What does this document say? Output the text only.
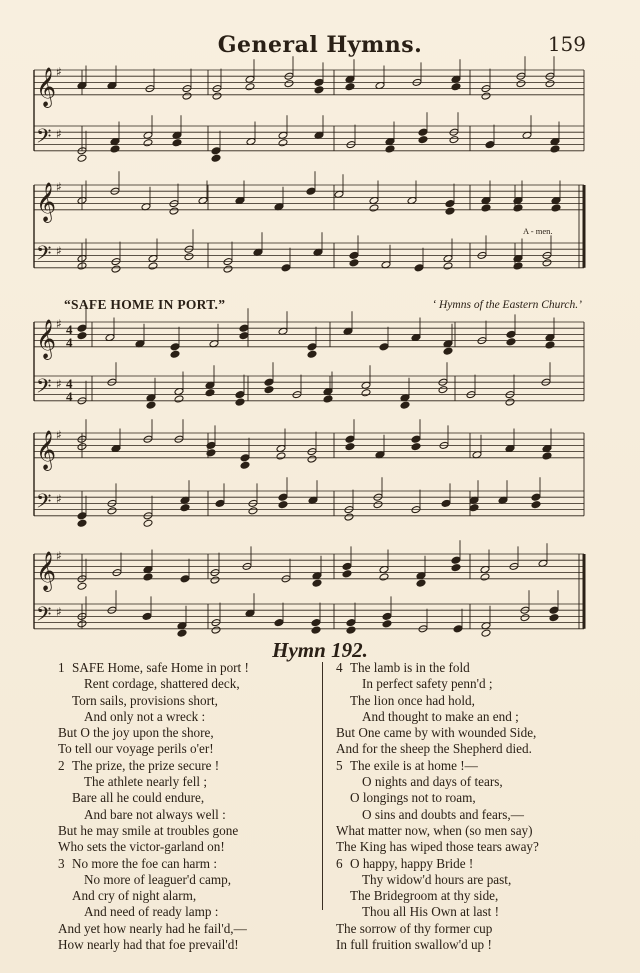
General Hymns.	159
𝄞 ♯
𝄢 ♯
𝄞 ♯
𝄢 ♯
𝄞 ♯
𝄢 ♯
𝄞 ♯
𝄢 ♯
𝄞 ♯
𝄢 ♯
4
4
4
4
A - men.
“SAFE HOME IN PORT.”	‘ Hymns of the Eastern Church.’
Hymn 192.
1 SAFE Home, safe Home in port !
Rent cordage, shattered deck,
Torn sails, provisions short,
And only not a wreck :
But O the joy upon the shore,
To tell our voyage perils o'er!
2 The prize, the prize secure !
The athlete nearly fell ;
Bare all he could endure,
And bare not always well :
But he may smile at troubles gone
Who sets the victor-garland on!
3 No more the foe can harm :
No more of leaguer'd camp,
And cry of night alarm,
And need of ready lamp :
And yet how nearly had he fail'd,—
How nearly had that foe prevail'd!
4 The lamb is in the fold
In perfect safety penn'd ;
The lion once had hold,
And thought to make an end ;
But One came by with wounded Side,
And for the sheep the Shepherd died.
5 The exile is at home !—
O nights and days of tears,
O longings not to roam,
O sins and doubts and fears,—
What matter now, when (so men say)
The King has wiped those tears away?
6 O happy, happy Bride !
Thy widow'd hours are past,
The Bridegroom at thy side,
Thou all His Own at last !
The sorrow of thy former cup
In full fruition swallow'd up !
